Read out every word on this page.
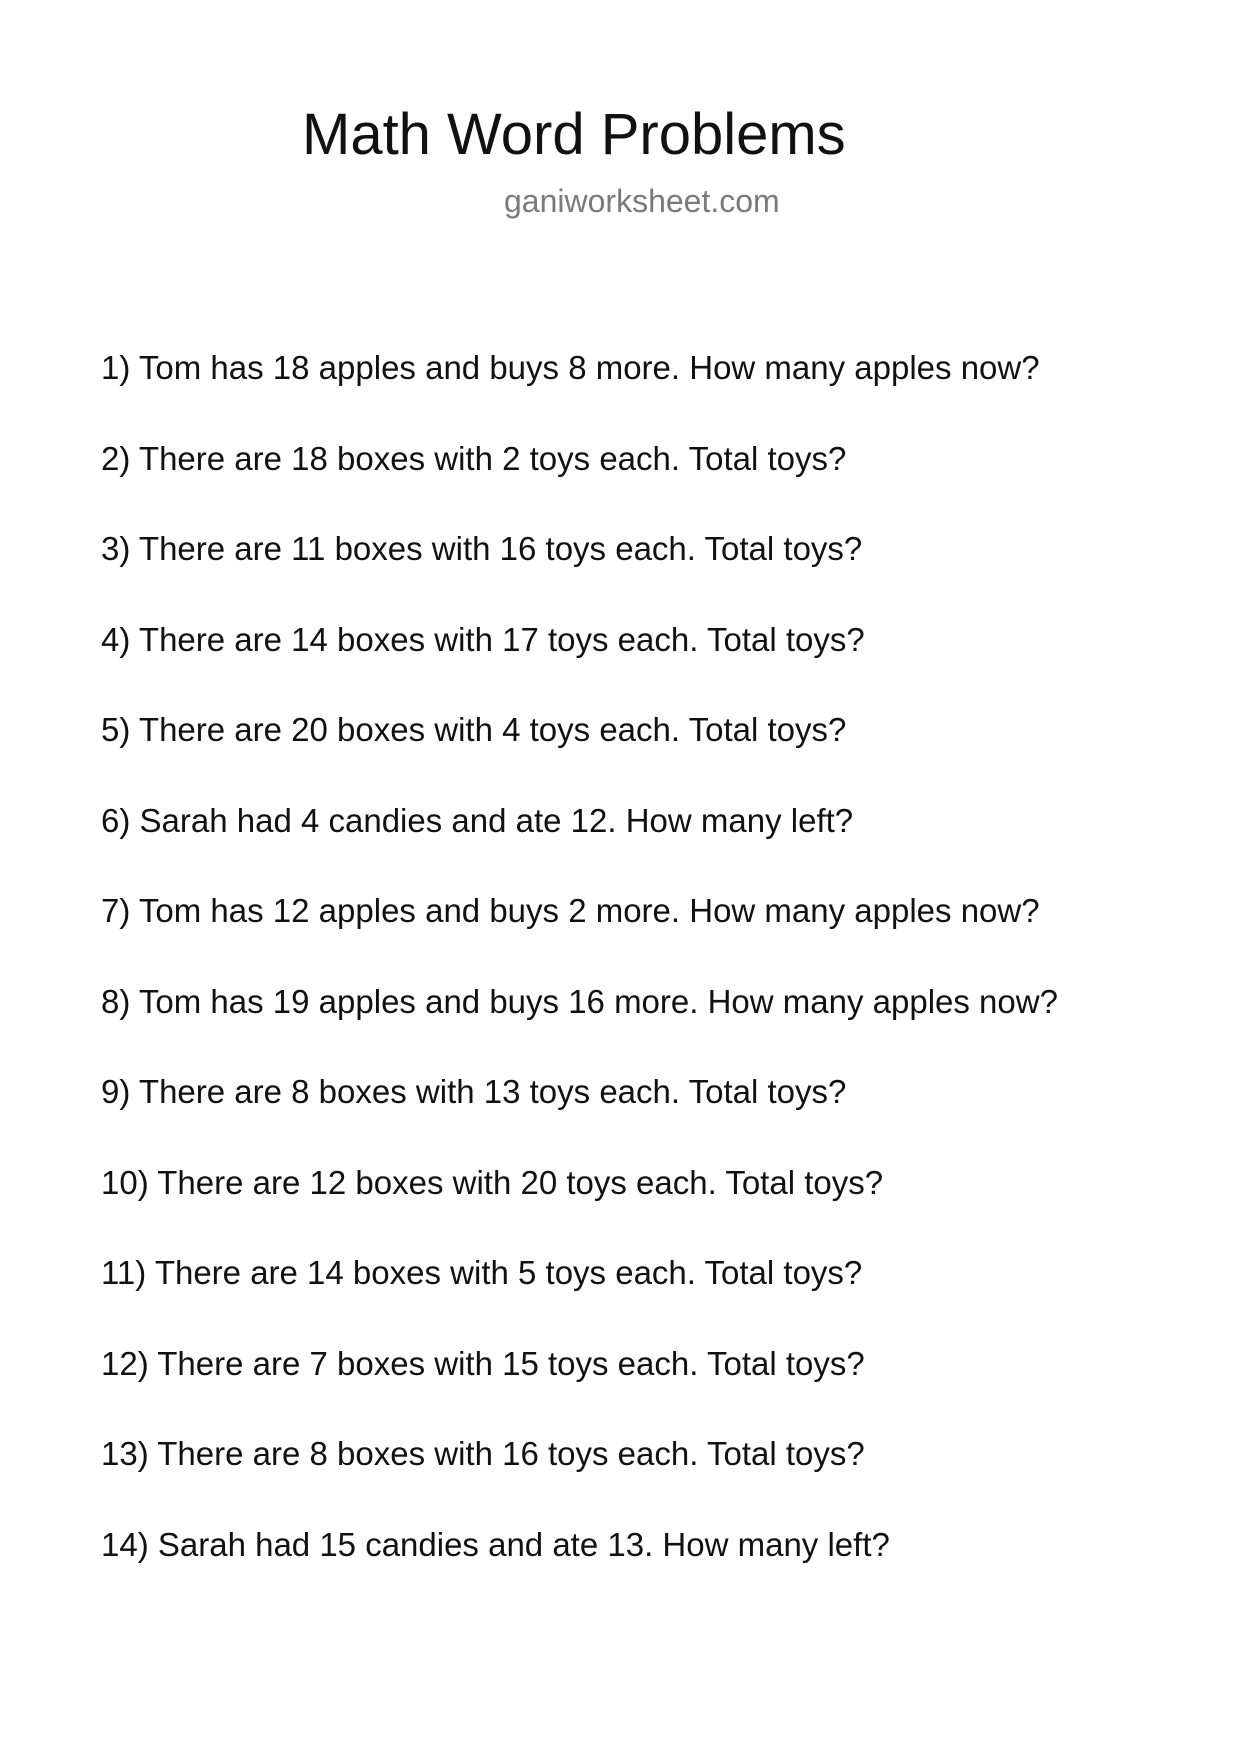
Math Word Problems
ganiworksheet.com
1) Tom has 18 apples and buys 8 more. How many apples now?
2) There are 18 boxes with 2 toys each. Total toys?
3) There are 11 boxes with 16 toys each. Total toys?
4) There are 14 boxes with 17 toys each. Total toys?
5) There are 20 boxes with 4 toys each. Total toys?
6) Sarah had 4 candies and ate 12. How many left?
7) Tom has 12 apples and buys 2 more. How many apples now?
8) Tom has 19 apples and buys 16 more. How many apples now?
9) There are 8 boxes with 13 toys each. Total toys?
10) There are 12 boxes with 20 toys each. Total toys?
11) There are 14 boxes with 5 toys each. Total toys?
12) There are 7 boxes with 15 toys each. Total toys?
13) There are 8 boxes with 16 toys each. Total toys?
14) Sarah had 15 candies and ate 13. How many left?
